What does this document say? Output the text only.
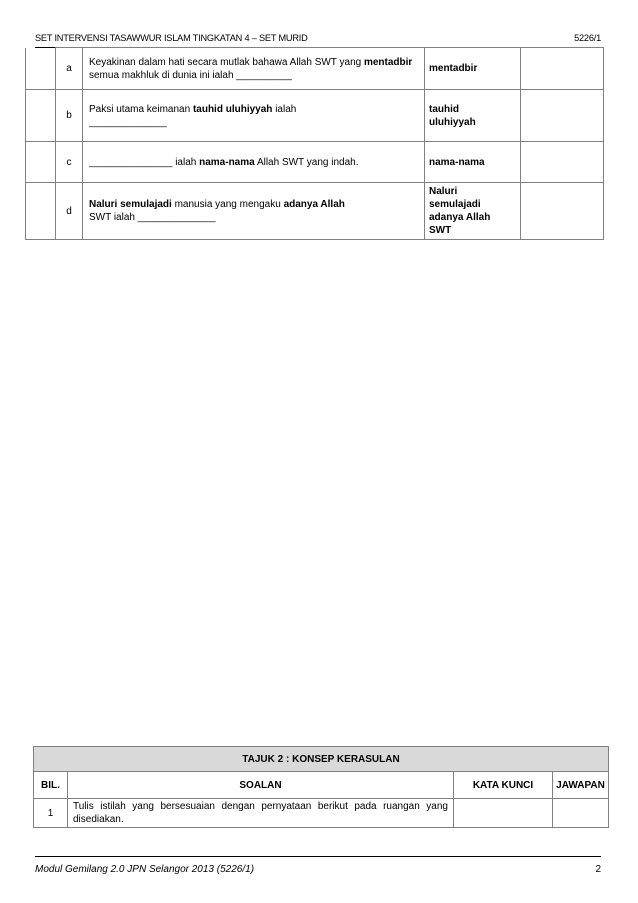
SET INTERVENSI TASAWWUR ISLAM TINGKATAN 4 – SET MURID	5226/1
	a	Keyakinan dalam hati secara mutlak bahawa Allah SWT yang mentadbir semua makhluk di dunia ini ialah __________	mentadbir	
	b	Paksi utama keimanan tauhid uluhiyyah ialah
______________	tauhid
uluhiyyah	
	c	_______________ ialah nama-nama Allah SWT yang indah.	nama-nama	
	d	Naluri semulajadi manusia yang mengaku adanya Allah
SWT ialah ______________	Naluri
semulajadi
adanya Allah
SWT	
TAJUK 2 : KONSEP KERASULAN			
BIL.	SOALAN	KATA KUNCI	JAWAPAN
1	Tulis istilah yang bersesuaian dengan pernyataan berikut pada ruangan yang disediakan.		
Modul Gemilang 2.0 JPN Selangor 2013 (5226/1)	2
